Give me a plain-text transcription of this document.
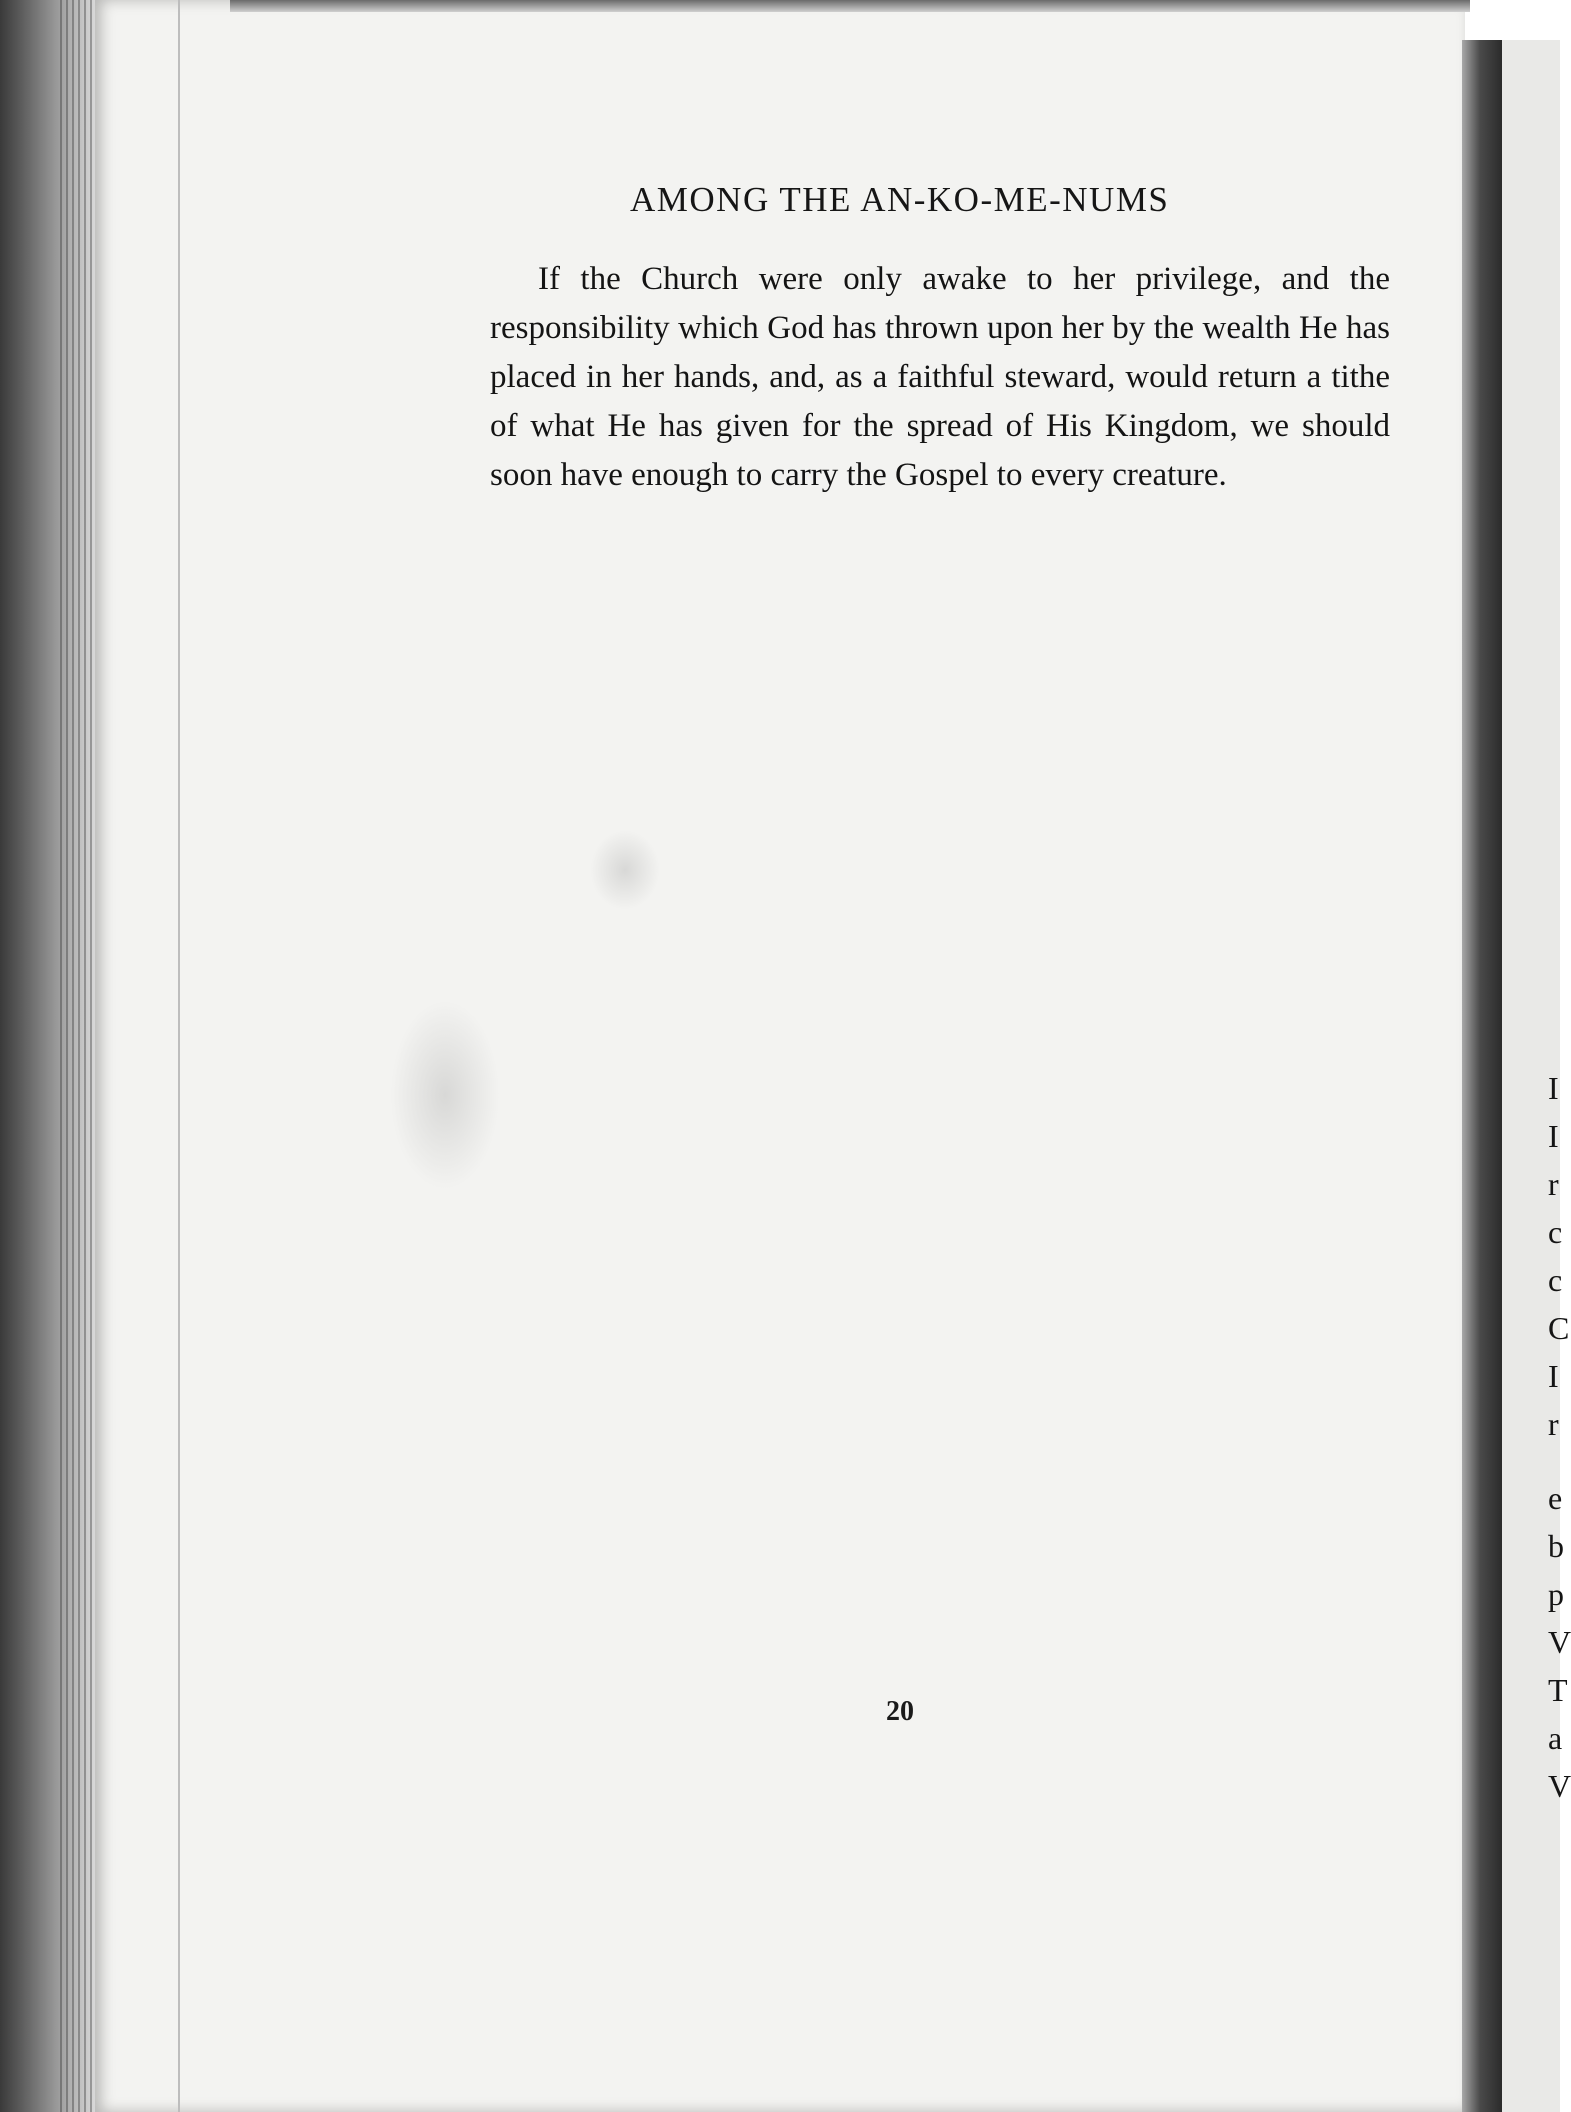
AMONG THE AN-KO-ME-NUMS
If the Church were only awake to her privilege, and the responsibility which God has thrown upon her by the wealth He has placed in her hands, and, as a faithful steward, would return a tithe of what He has given for the spread of His Kingdom, we should soon have enough to carry the Gospel to every creature.
20
I
I
r
c
c
C
I
r
e
b
p
V
T
a
V
